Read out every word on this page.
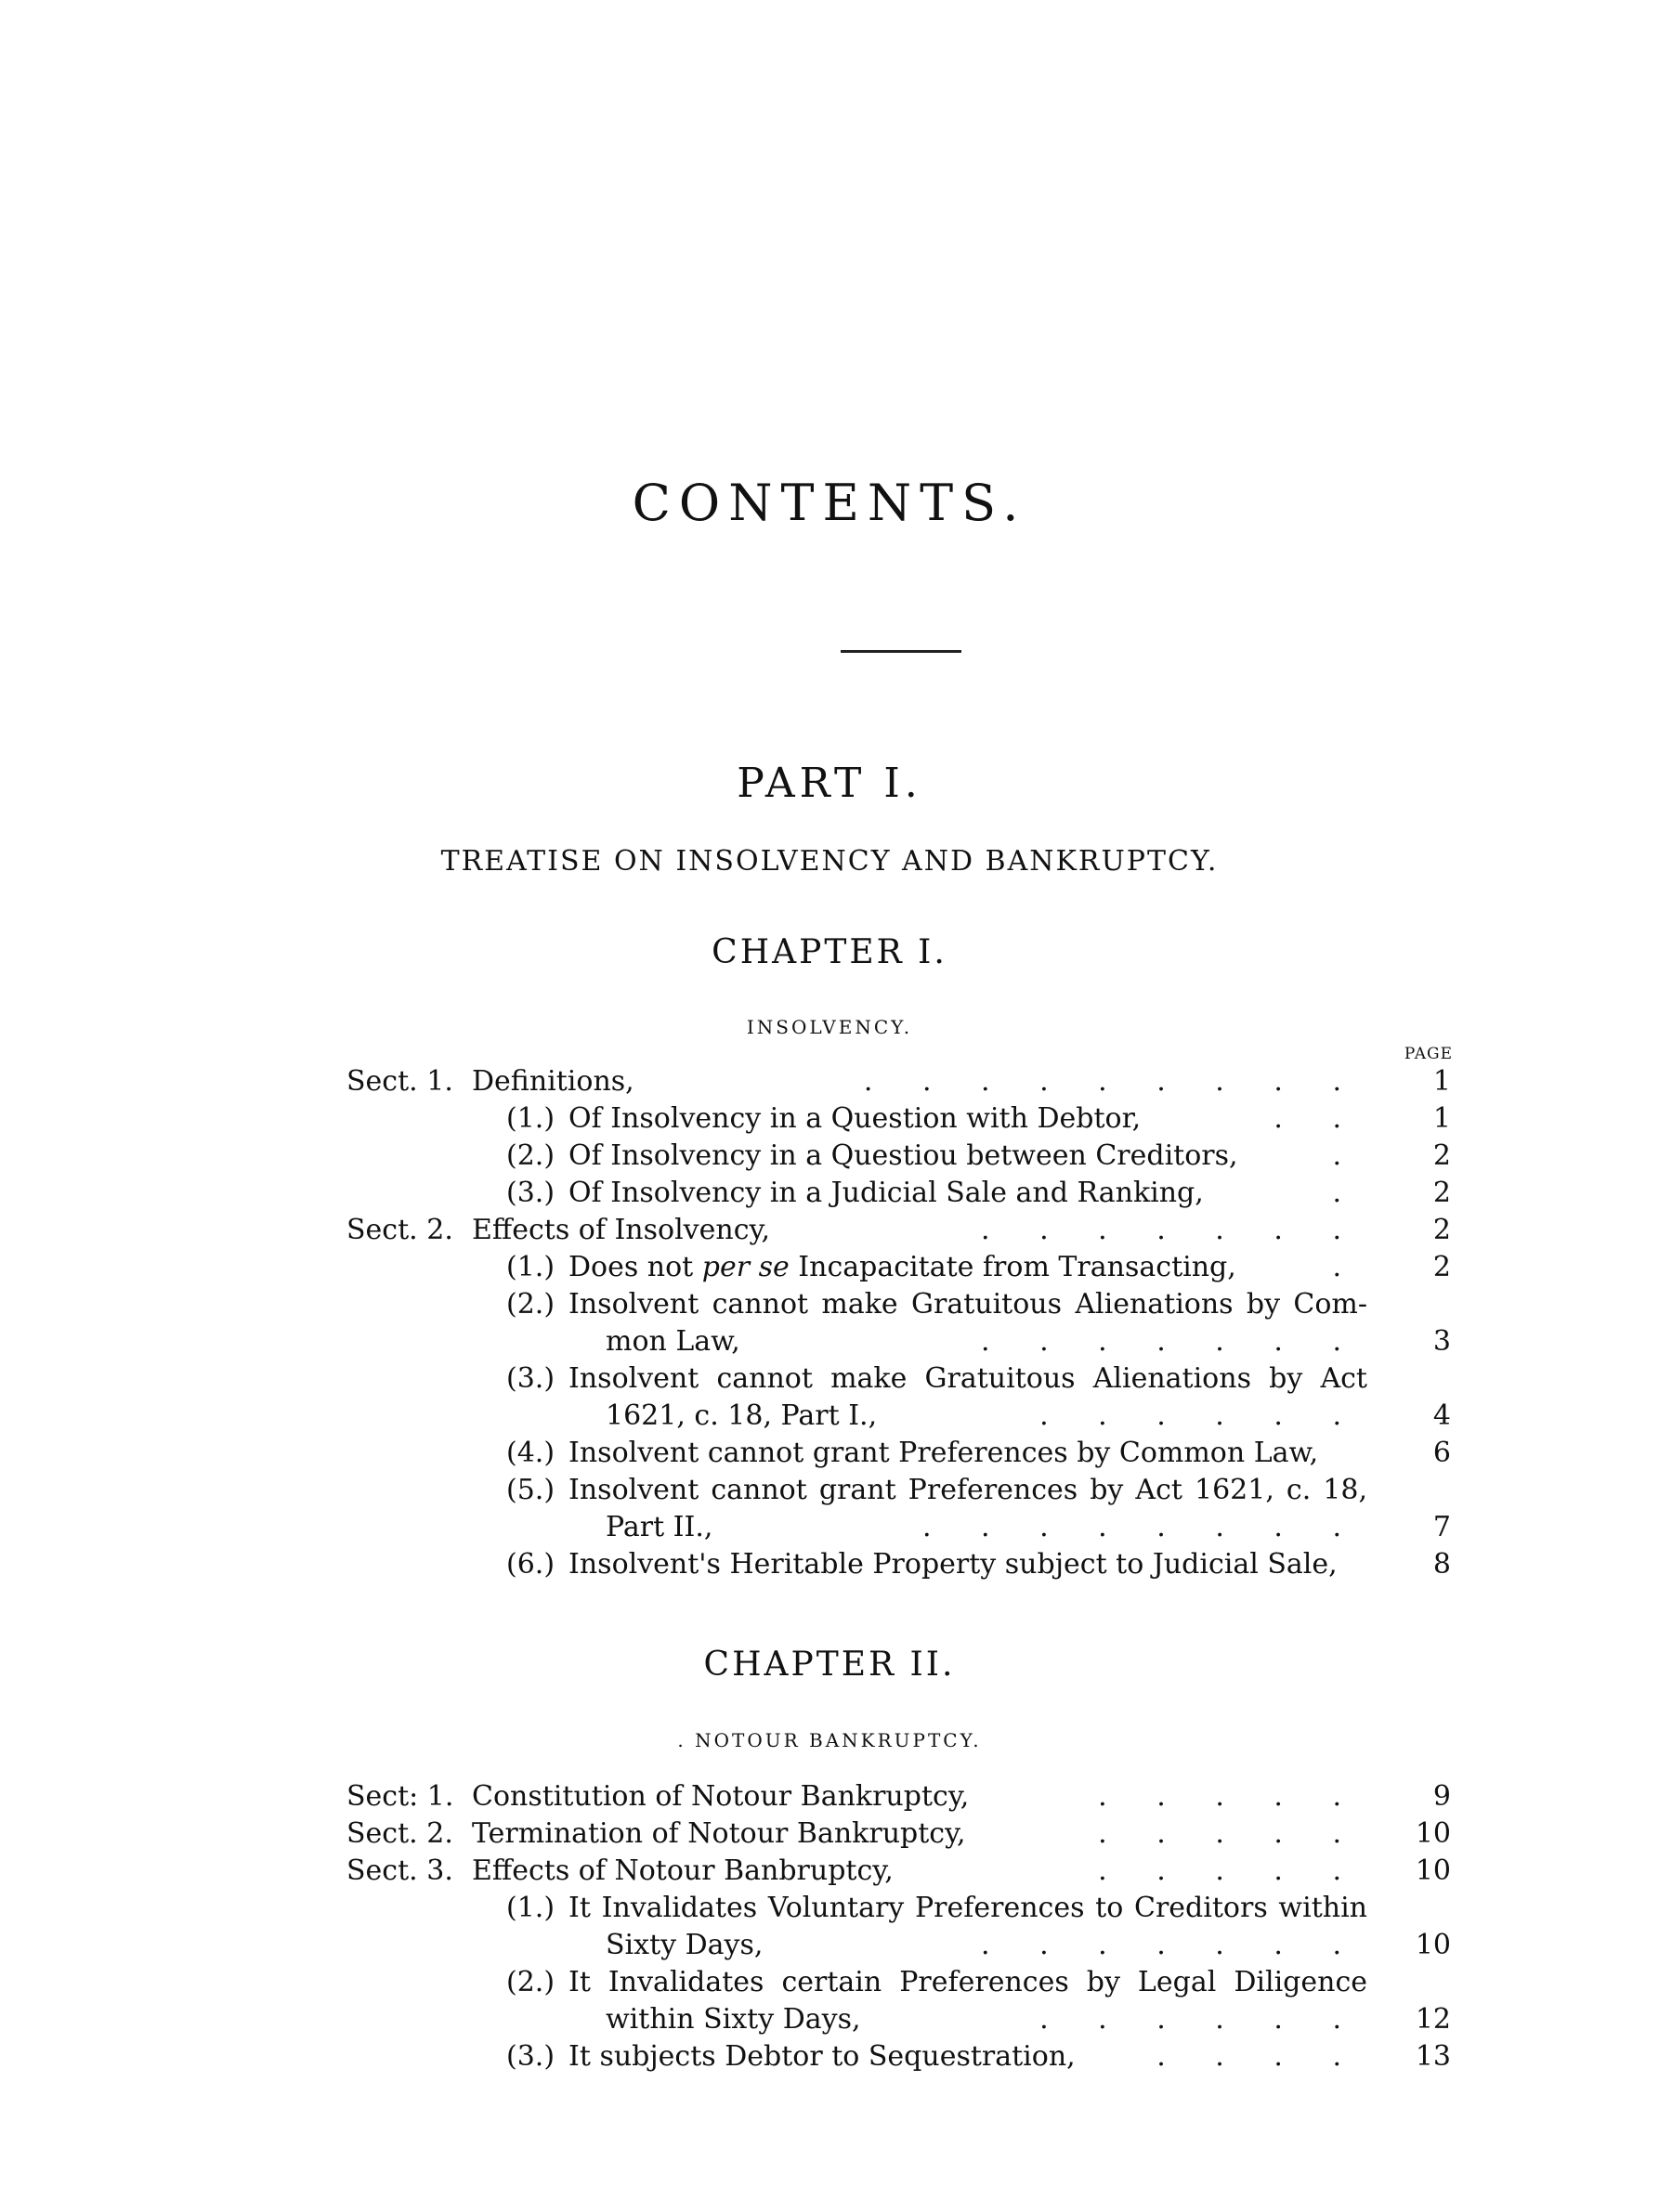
CONTENTS.
PART I.
TREATISE ON INSOLVENCY AND BANKRUPTCY.
CHAPTER I.
INSOLVENCY.
PAGE
Sect. 1. Definitions,	. . . . . . . . .	1
(1.) Of Insolvency in a Question with Debtor,	. .	1
(2.) Of Insolvency in a Questiou between Creditors,	.	2
(3.) Of Insolvency in a Judicial Sale and Ranking,	.	2
Sect. 2. Effects of Insolvency,	. . . . . . .	2
(1.) Does not per se Incapacitate from Transacting,	.	2
(2.) Insolvent cannot make Gratuitous Alienations by Com-
mon Law,	. . . . . . .	3
(3.) Insolvent cannot make Gratuitous Alienations by Act
1621, c. 18, Part I.,	. . . . . .	4
(4.) Insolvent cannot grant Preferences by Common Law,	6
(5.) Insolvent cannot grant Preferences by Act 1621, c. 18,
Part II.,	. . . . . . . .	7
(6.) Insolvent's Heritable Property subject to Judicial Sale,	8
CHAPTER II.
. NOTOUR BANKRUPTCY.
Sect: 1. Constitution of Notour Bankruptcy,	. . . . .	9
Sect. 2. Termination of Notour Bankruptcy,	. . . . .	10
Sect. 3. Effects of Notour Banbruptcy,	. . . . .	10
(1.) It Invalidates Voluntary Preferences to Creditors within
Sixty Days,	. . . . . . .	10
(2.) It Invalidates certain Preferences by Legal Diligence
within Sixty Days,	. . . . . .	12
(3.) It subjects Debtor to Sequestration,	. . . .	13
